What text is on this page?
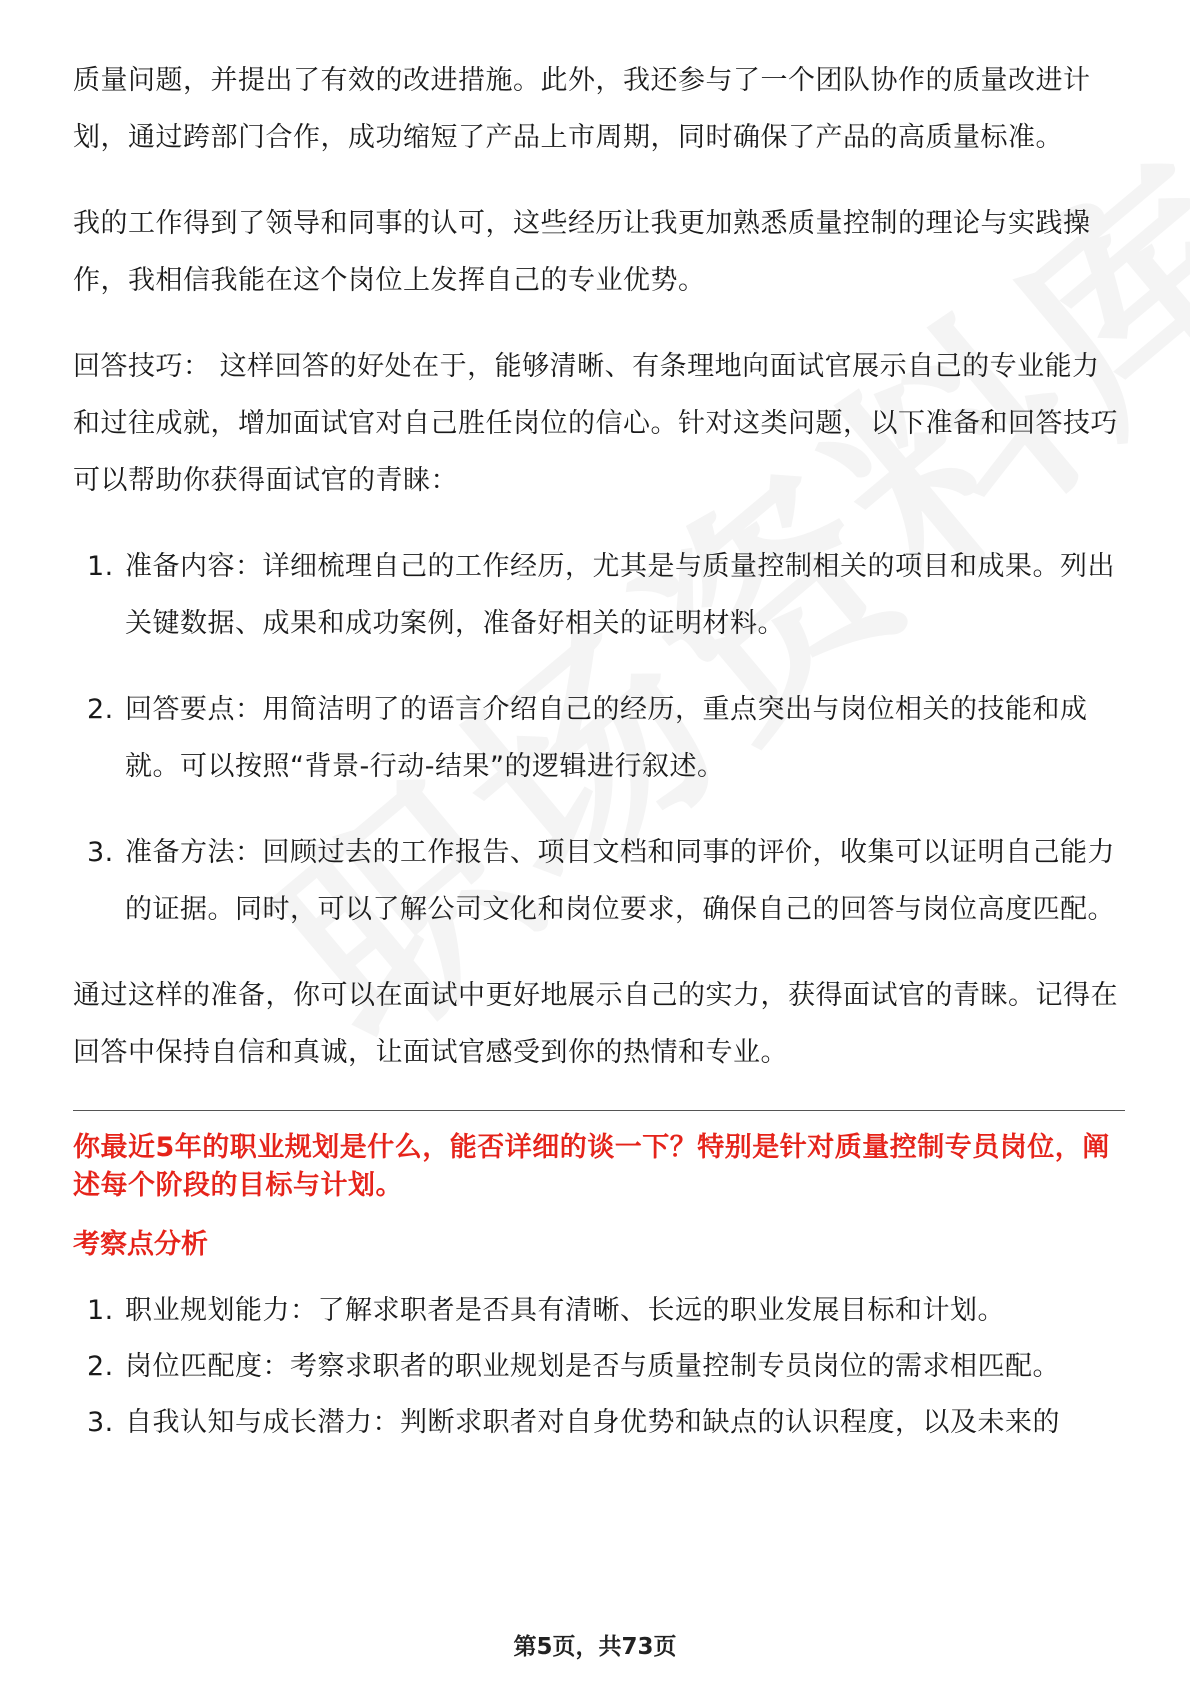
质量问题，并提出了有效的改进措施。此外，我还参与了一个团队协作的质量改进计划，通过跨部门合作，成功缩短了产品上市周期，同时确保了产品的高质量标准。

我的工作得到了领导和同事的认可，这些经历让我更加熟悉质量控制的理论与实践操作，我相信我能在这个岗位上发挥自己的专业优势。

回答技巧： 这样回答的好处在于，能够清晰、有条理地向面试官展示自己的专业能力和过往成就，增加面试官对自己胜任岗位的信心。针对这类问题，以下准备和回答技巧可以帮助你获得面试官的青睐：

1. 准备内容：详细梳理自己的工作经历，尤其是与质量控制相关的项目和成果。列出关键数据、成果和成功案例，准备好相关的证明材料。
2. 回答要点：用简洁明了的语言介绍自己的经历，重点突出与岗位相关的技能和成就。可以按照“背景-行动-结果”的逻辑进行叙述。
3. 准备方法：回顾过去的工作报告、项目文档和同事的评价，收集可以证明自己能力的证据。同时，可以了解公司文化和岗位要求，确保自己的回答与岗位高度匹配。

通过这样的准备，你可以在面试中更好地展示自己的实力，获得面试官的青睐。记得在回答中保持自信和真诚，让面试官感受到你的热情和专业。

你最近5年的职业规划是什么，能否详细的谈一下？特别是针对质量控制专员岗位，阐述每个阶段的目标与计划。
考察点分析
1. 职业规划能力：了解求职者是否具有清晰、长远的职业发展目标和计划。
2. 岗位匹配度：考察求职者的职业规划是否与质量控制专员岗位的需求相匹配。
3. 自我认知与成长潜力：判断求职者对自身优势和缺点的认识程度，以及未来的
第5页，共73页
